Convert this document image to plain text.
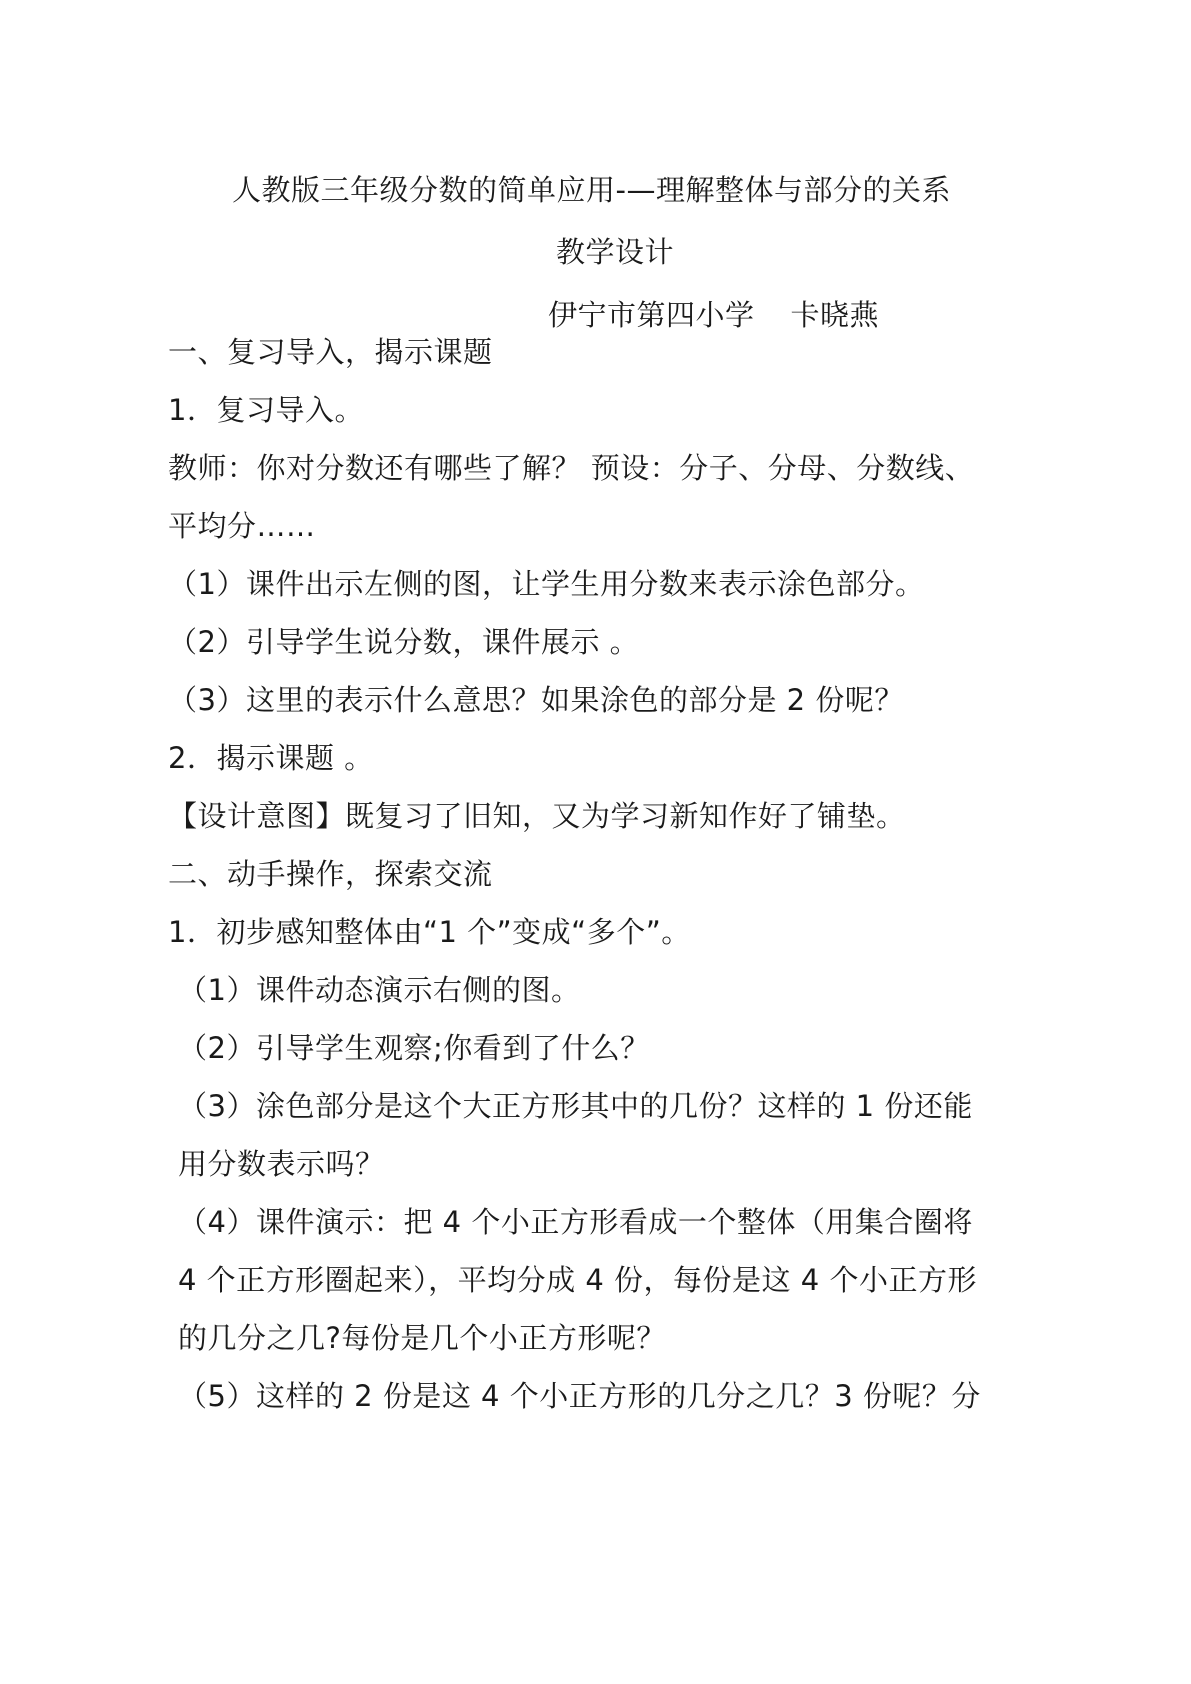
人教版三年级分数的简单应用-—理解整体与部分的关系
教学设计
伊宁市第四小学 卡晓燕
一、复习导入，揭示课题
1．复习导入。
教师：你对分数还有哪些了解？ 预设：分子、分母、分数线、
平均分……
（1）课件出示左侧的图，让学生用分数来表示涂色部分。
（2）引导学生说分数，课件展示 。
（3）这里的表示什么意思？如果涂色的部分是 2 份呢？
2．揭示课题 。
【设计意图】既复习了旧知，又为学习新知作好了铺垫。
二、动手操作，探索交流
1．初步感知整体由“1 个”变成“多个”。
（1）课件动态演示右侧的图。
（2）引导学生观察;你看到了什么？
（3）涂色部分是这个大正方形其中的几份？这样的 1 份还能
用分数表示吗？
（4）课件演示：把 4 个小正方形看成一个整体（用集合圈将
4 个正方形圈起来），平均分成 4 份，每份是这 4 个小正方形
的几分之几?每份是几个小正方形呢？
（5）这样的 2 份是这 4 个小正方形的几分之几？3 份呢？分
